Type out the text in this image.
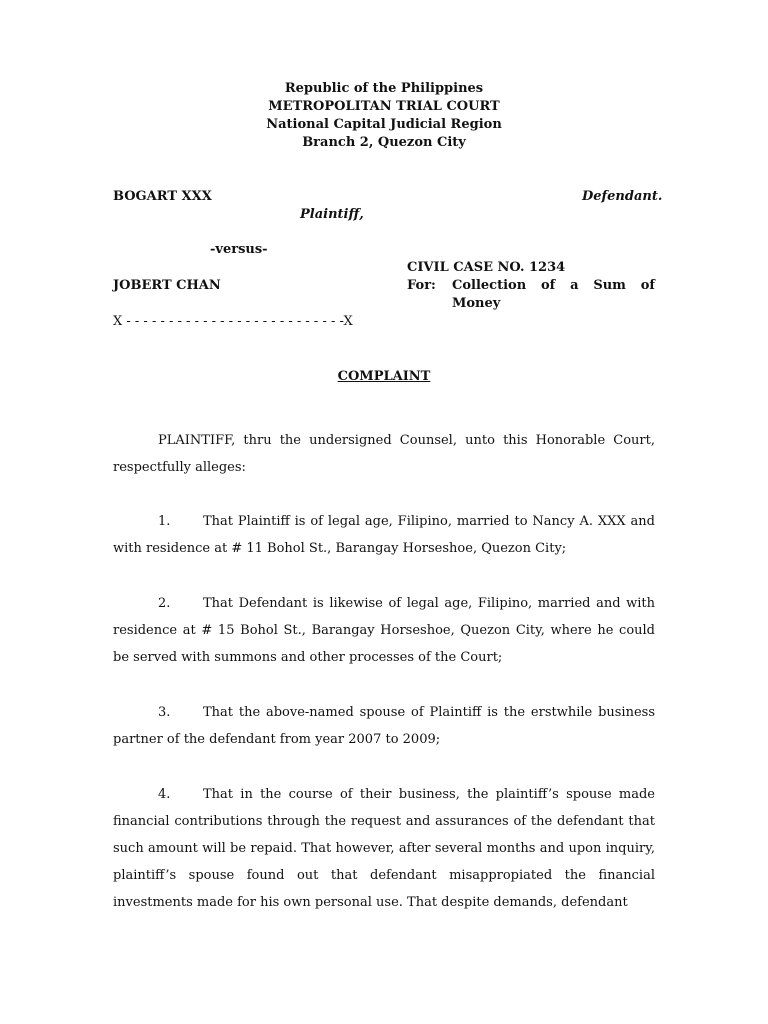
Republic of the Philippines
METROPOLITAN TRIAL COURT
National Capital Judicial Region
Branch 2, Quezon City
BOGART XXX
Plaintiff,
Defendant.
-versus-
CIVIL CASE NO. 1234
JOBERT CHAN	For: Collection of a Sum of
Money
X - - - - - - - - - - - - - - - - - - - - - - - - - -X
COMPLAINT
PLAINTIFF, thru the undersigned Counsel, unto this Honorable Court, respectfully alleges:
1.	That Plaintiff is of legal age, Filipino, married to Nancy A. XXX and with residence at # 11 Bohol St., Barangay Horseshoe, Quezon City;
2.	That Defendant is likewise of legal age, Filipino, married and with residence at # 15 Bohol St., Barangay Horseshoe, Quezon City, where he could be served with summons and other processes of the Court;
3.	That the above-named spouse of Plaintiff is the erstwhile business partner of the defendant from year 2007 to 2009;
4.	That in the course of their business, the plaintiff’s spouse made financial contributions through the request and assurances of the defendant that such amount will be repaid. That however, after several months and upon inquiry, plaintiff’s spouse found out that defendant misappropiated the financial investments made for his own personal use. That despite demands, defendant
